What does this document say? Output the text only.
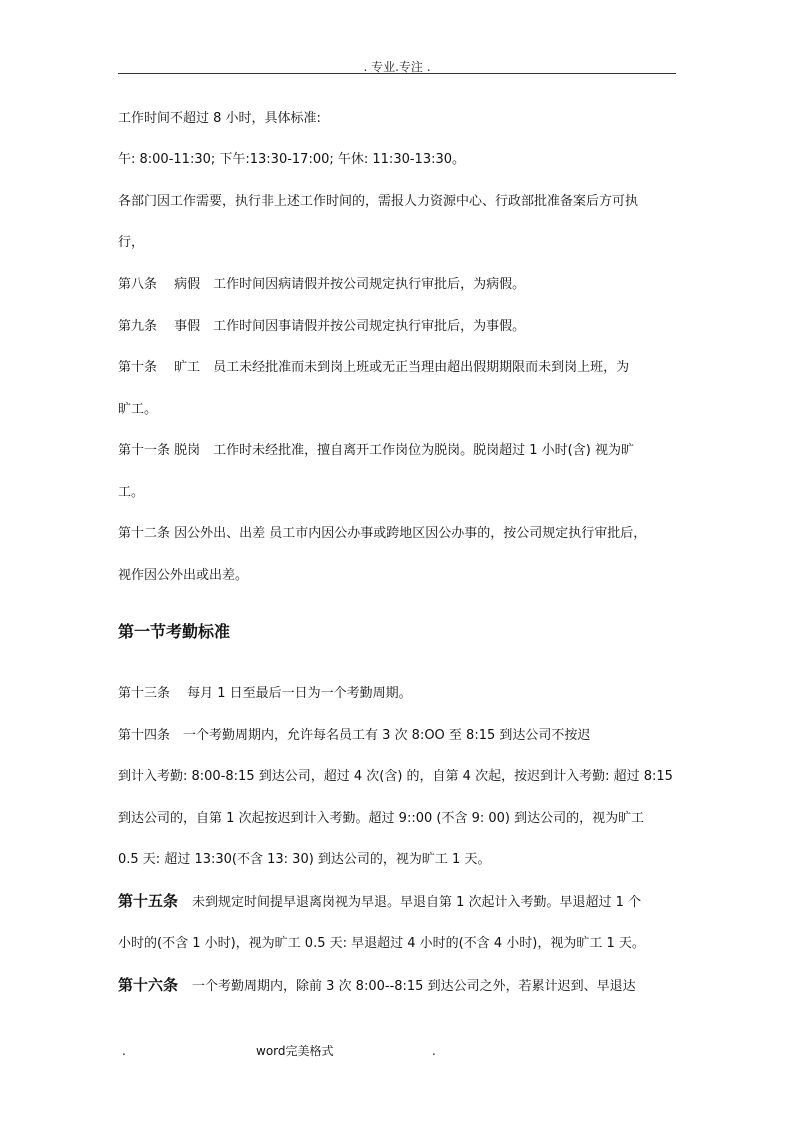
. 专业.专注 .
工作时间不超过 8 小时，具体标准:
午: 8:00-11:30; 下午:13:30-17:00; 午休: 11:30-13:30。
各部门因工作需要，执行非上述工作时间的，需报人力资源中心、行政部批准备案后方可执
行，
第八条　 病假　工作时间因病请假并按公司规定执行审批后，为病假。
第九条　 事假　工作时间因事请假并按公司规定执行审批后，为事假。
第十条　 旷工　员工未经批准而未到岗上班或无正当理由超出假期期限而未到岗上班，为
旷工。
第十一条 脱岗　工作时未经批准，擅自离开工作岗位为脱岗。脱岗超过 1 小时(含) 视为旷
工。
第十二条 因公外出、出差 员工市内因公办事或跨地区因公办事的，按公司规定执行审批后，
视作因公外出或出差。
第一节考勤标准
第十三条　 每月 1 日至最后一日为一个考勤周期。
第十四条　一个考勤周期内，允许每名员工有 3 次 8:OO 至 8:15 到达公司不按迟
到计入考勤: 8:00-8:15 到达公司，超过 4 次(含) 的，自第 4 次起，按迟到计入考勤: 超过 8:15
到达公司的，自第 1 次起按迟到计入考勤。超过 9::00 (不含 9: 00) 到达公司的，视为旷工
0.5 天: 超过 13:30(不含 13: 30) 到达公司的，视为旷工 1 天。
第十五条 未到规定时间提早退离岗视为早退。早退自第 1 次起计入考勤。早退超过 1 个
小时的(不含 1 小时)，视为旷工 0.5 天: 早退超过 4 小时的(不含 4 小时)，视为旷工 1 天。
第十六条 一个考勤周期内，除前 3 次 8:00--8:15 到达公司之外，若累计迟到、早退达
.	word完美格式	.
